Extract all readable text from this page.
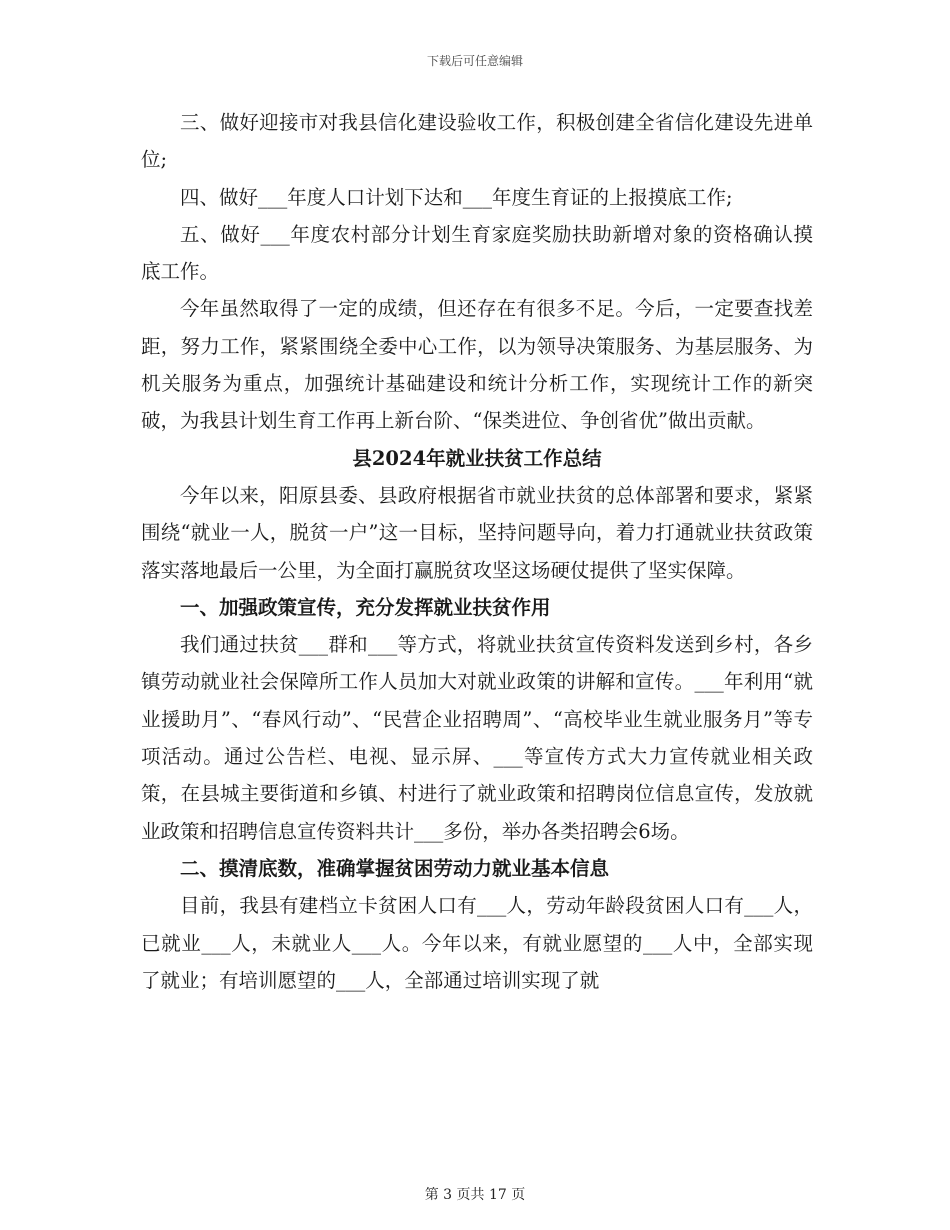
下载后可任意编辑

三、做好迎接市对我县信化建设验收工作，积极创建全省信化建设先进单位;

四、做好___年度人口计划下达和___年度生育证的上报摸底工作;

五、做好___年度农村部分计划生育家庭奖励扶助新增对象的资格确认摸底工作。

今年虽然取得了一定的成绩，但还存在有很多不足。今后，一定要查找差距，努力工作，紧紧围绕全委中心工作，以为领导决策服务、为基层服务、为机关服务为重点，加强统计基础建设和统计分析工作，实现统计工作的新突破，为我县计划生育工作再上新台阶、“保类进位、争创省优”做出贡献。

县2024年就业扶贫工作总结

今年以来，阳原县委、县政府根据省市就业扶贫的总体部署和要求，紧紧围绕“就业一人，脱贫一户”这一目标，坚持问题导向，着力打通就业扶贫政策落实落地最后一公里，为全面打赢脱贫攻坚这场硬仗提供了坚实保障。

一、加强政策宣传，充分发挥就业扶贫作用

我们通过扶贫___群和___等方式，将就业扶贫宣传资料发送到乡村，各乡镇劳动就业社会保障所工作人员加大对就业政策的讲解和宣传。___年利用“就业援助月”、“春风行动”、“民营企业招聘周”、“高校毕业生就业服务月”等专项活动。通过公告栏、电视、显示屏、___等宣传方式大力宣传就业相关政策，在县城主要街道和乡镇、村进行了就业政策和招聘岗位信息宣传，发放就业政策和招聘信息宣传资料共计___多份，举办各类招聘会6场。

二、摸清底数，准确掌握贫困劳动力就业基本信息

目前，我县有建档立卡贫困人口有___人，劳动年龄段贫困人口有___人，已就业___人，未就业人___人。今年以来，有就业愿望的___人中，全部实现了就业；有培训愿望的___人，全部通过培训实现了就

第 3 页共 17 页
